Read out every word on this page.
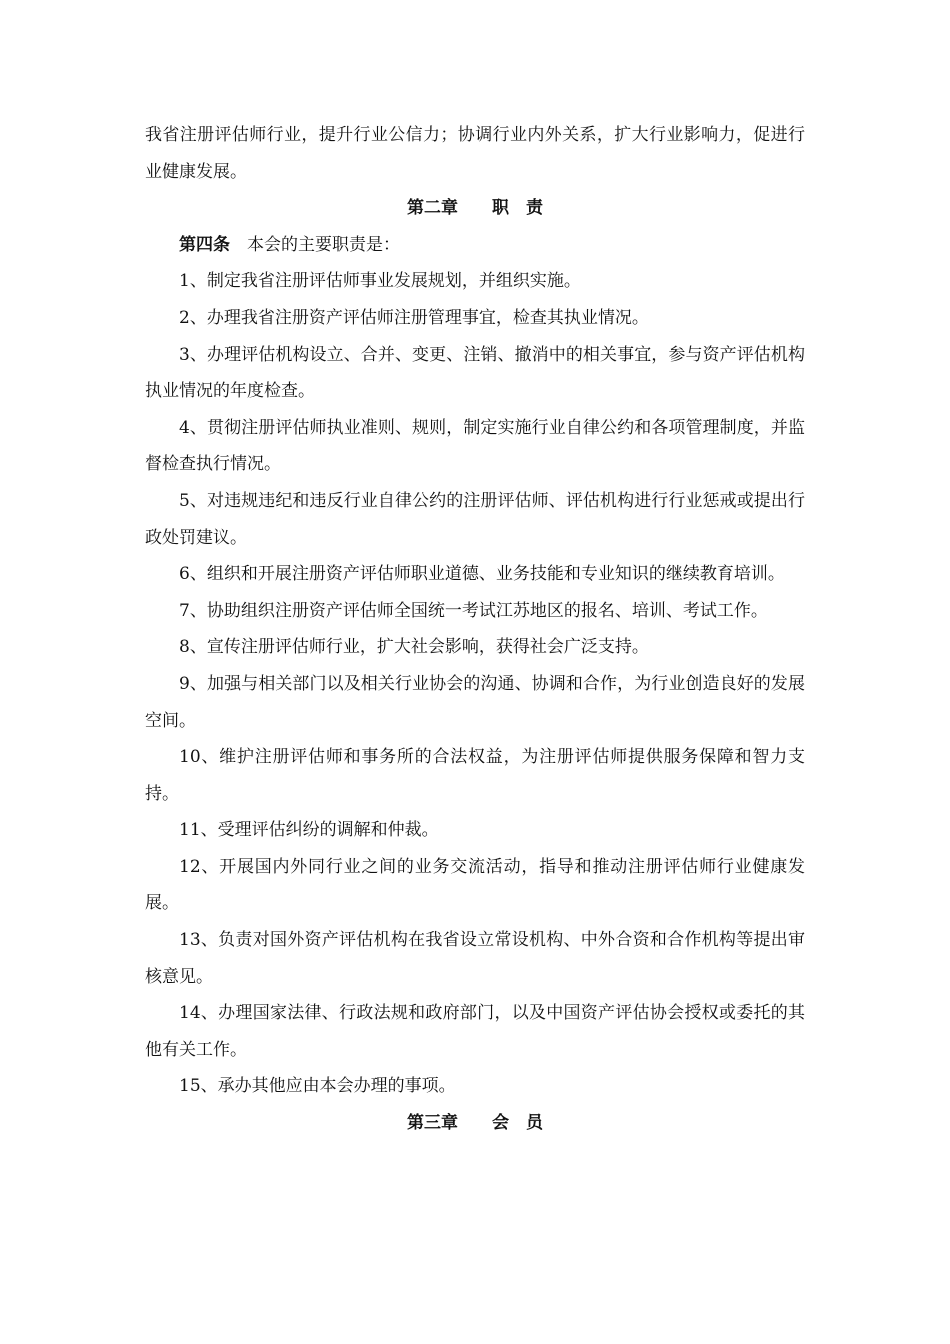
我省注册评估师行业，提升行业公信力；协调行业内外关系，扩大行业影响力，促进行业健康发展。

第二章　　职　责

第四条　本会的主要职责是：

1、制定我省注册评估师事业发展规划，并组织实施。

2、办理我省注册资产评估师注册管理事宜，检查其执业情况。

3、办理评估机构设立、合并、变更、注销、撤消中的相关事宜，参与资产评估机构执业情况的年度检查。

4、贯彻注册评估师执业准则、规则，制定实施行业自律公约和各项管理制度，并监督检查执行情况。

5、对违规违纪和违反行业自律公约的注册评估师、评估机构进行行业惩戒或提出行政处罚建议。

6、组织和开展注册资产评估师职业道德、业务技能和专业知识的继续教育培训。

7、协助组织注册资产评估师全国统一考试江苏地区的报名、培训、考试工作。

8、宣传注册评估师行业，扩大社会影响，获得社会广泛支持。

9、加强与相关部门以及相关行业协会的沟通、协调和合作，为行业创造良好的发展空间。

10、维护注册评估师和事务所的合法权益，为注册评估师提供服务保障和智力支持。

11、受理评估纠纷的调解和仲裁。

12、开展国内外同行业之间的业务交流活动，指导和推动注册评估师行业健康发展。

13、负责对国外资产评估机构在我省设立常设机构、中外合资和合作机构等提出审核意见。

14、办理国家法律、行政法规和政府部门，以及中国资产评估协会授权或委托的其他有关工作。

15、承办其他应由本会办理的事项。

第三章　　会　员
